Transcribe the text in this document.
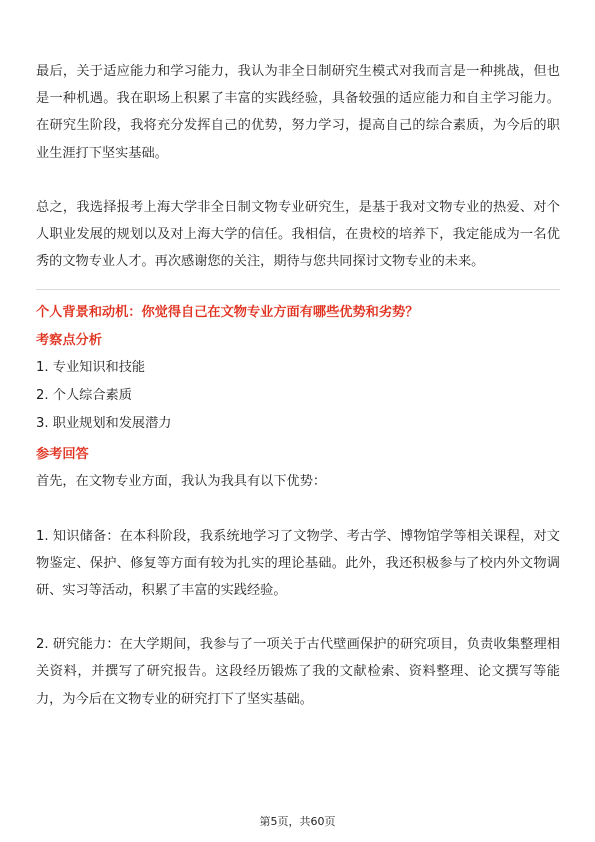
最后，关于适应能力和学习能力，我认为非全日制研究生模式对我而言是一种挑战，但也是一种机遇。我在职场上积累了丰富的实践经验，具备较强的适应能力和自主学习能力。在研究生阶段，我将充分发挥自己的优势，努力学习，提高自己的综合素质，为今后的职业生涯打下坚实基础。

总之，我选择报考上海大学非全日制文物专业研究生，是基于我对文物专业的热爱、对个人职业发展的规划以及对上海大学的信任。我相信，在贵校的培养下，我定能成为一名优秀的文物专业人才。再次感谢您的关注，期待与您共同探讨文物专业的未来。

个人背景和动机：你觉得自己在文物专业方面有哪些优势和劣势？

考察点分析

1. 专业知识和技能

2. 个人综合素质

3. 职业规划和发展潜力

参考回答

首先，在文物专业方面，我认为我具有以下优势：

1. 知识储备：在本科阶段，我系统地学习了文物学、考古学、博物馆学等相关课程，对文物鉴定、保护、修复等方面有较为扎实的理论基础。此外，我还积极参与了校内外文物调研、实习等活动，积累了丰富的实践经验。

2. 研究能力：在大学期间，我参与了一项关于古代壁画保护的研究项目，负责收集整理相关资料，并撰写了研究报告。这段经历锻炼了我的文献检索、资料整理、论文撰写等能力，为今后在文物专业的研究打下了坚实基础。

第5页，共60页
